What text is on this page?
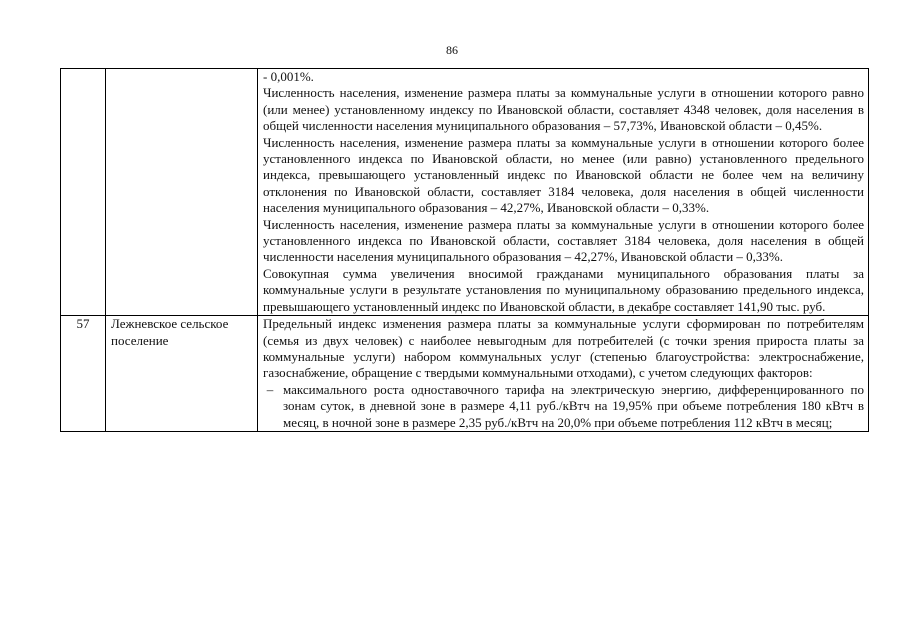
86

		- 0,001%.

Численность населения, изменение размера платы за коммунальные услуги в отношении которого равно (или менее) установленному индексу по Ивановской области, составляет 4348 человек, доля населения в общей численности населения муниципального образования – 57,73%, Ивановской области – 0,45%.

Численность населения, изменение размера платы за коммунальные услуги в отношении которого более установленного индекса по Ивановской области, но менее (или равно) установленного предельного индекса, превышающего установленный индекс по Ивановской области не более чем на величину отклонения по Ивановской области, составляет 3184 человека, доля населения в общей численности населения муниципального образования – 42,27%, Ивановской области – 0,33%.

Численность населения, изменение размера платы за коммунальные услуги в отношении которого более установленного индекса по Ивановской области, составляет 3184 человека, доля населения в общей численности населения муниципального образования – 42,27%, Ивановской области – 0,33%.

Совокупная сумма увеличения вносимой гражданами муниципального образования платы за коммунальные услуги в результате установления по муниципальному образованию предельного индекса, превышающего установленный индекс по Ивановской области, в декабре составляет 141,90 тыс. руб.

57	Лежневское сельское поселение	Предельный индекс изменения размера платы за коммунальные услуги сформирован по потребителям (семья из двух человек) с наиболее невыгодным для потребителей (с точки зрения прироста платы за коммунальные услуги) набором коммунальных услуг (степенью благоустройства: электроснабжение, газоснабжение, обращение с твердыми коммунальными отходами), с учетом следующих факторов:

– максимального роста одноставочного тарифа на электрическую энергию, дифференцированного по зонам суток, в дневной зоне в размере 4,11 руб./кВтч на 19,95% при объеме потребления 180 кВтч в месяц, в ночной зоне в размере 2,35 руб./кВтч на 20,0% при объеме потребления 112 кВтч в месяц;
